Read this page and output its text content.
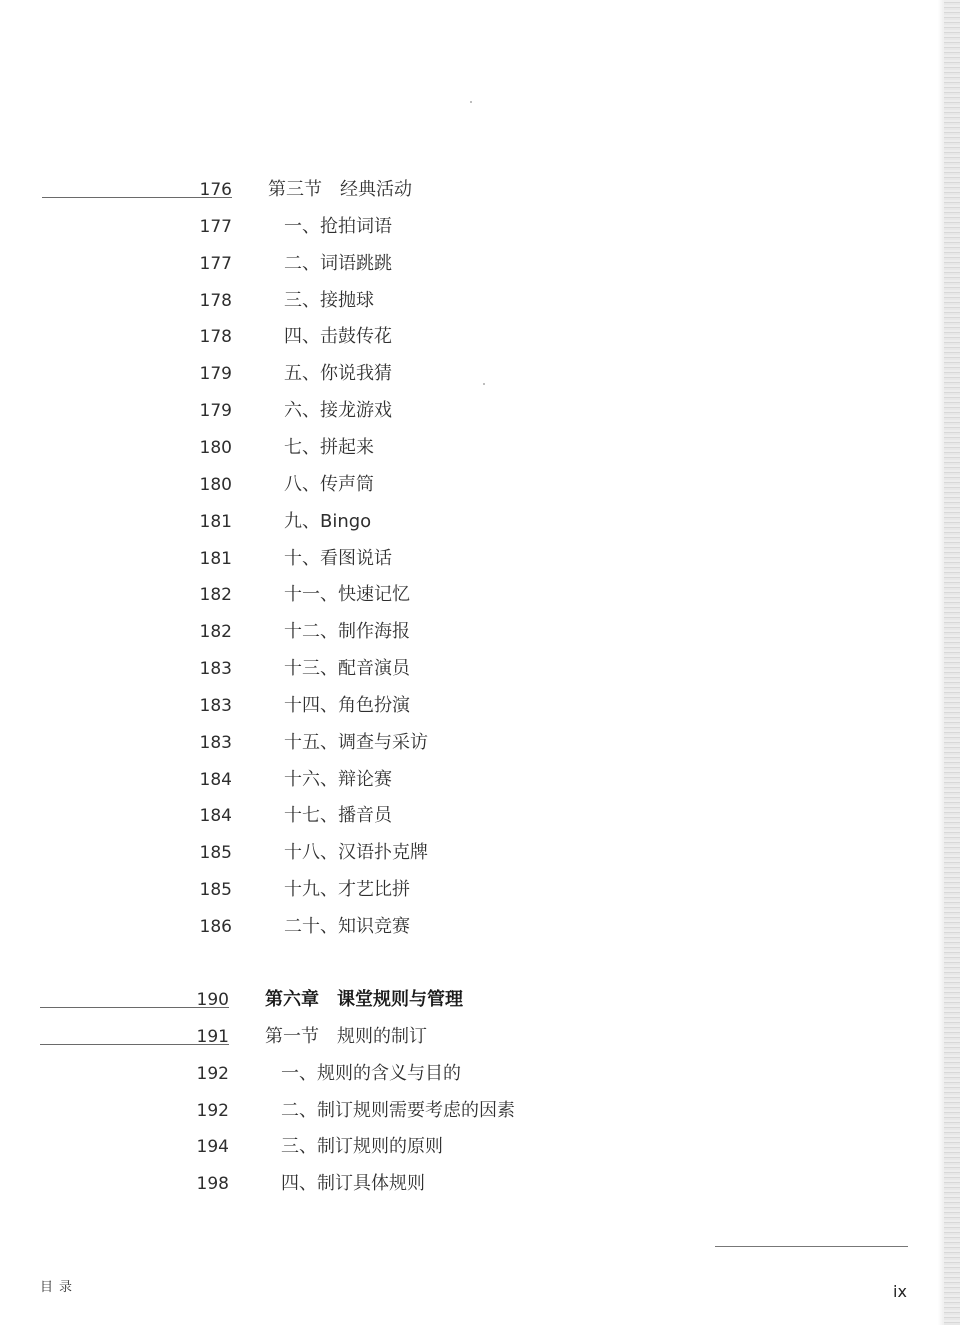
176 第三节　经典活动
177	一、抢拍词语
177	二、词语跳跳
178	三、接抛球
178	四、击鼓传花
179	五、你说我猜
179	六、接龙游戏
180	七、拼起来
180	八、传声筒
181	九、Bingo
181	十、看图说话
182	十一、快速记忆
182	十二、制作海报
183	十三、配音演员
183	十四、角色扮演
183	十五、调查与采访
184	十六、辩论赛
184	十七、播音员
185	十八、汉语扑克牌
185	十九、才艺比拼
186	二十、知识竞赛
190 第六章　课堂规则与管理
191 第一节　规则的制订
192	一、规则的含义与目的
192	二、制订规则需要考虑的因素
194	三、制订规则的原则
198	四、制订具体规则
目录	ix
